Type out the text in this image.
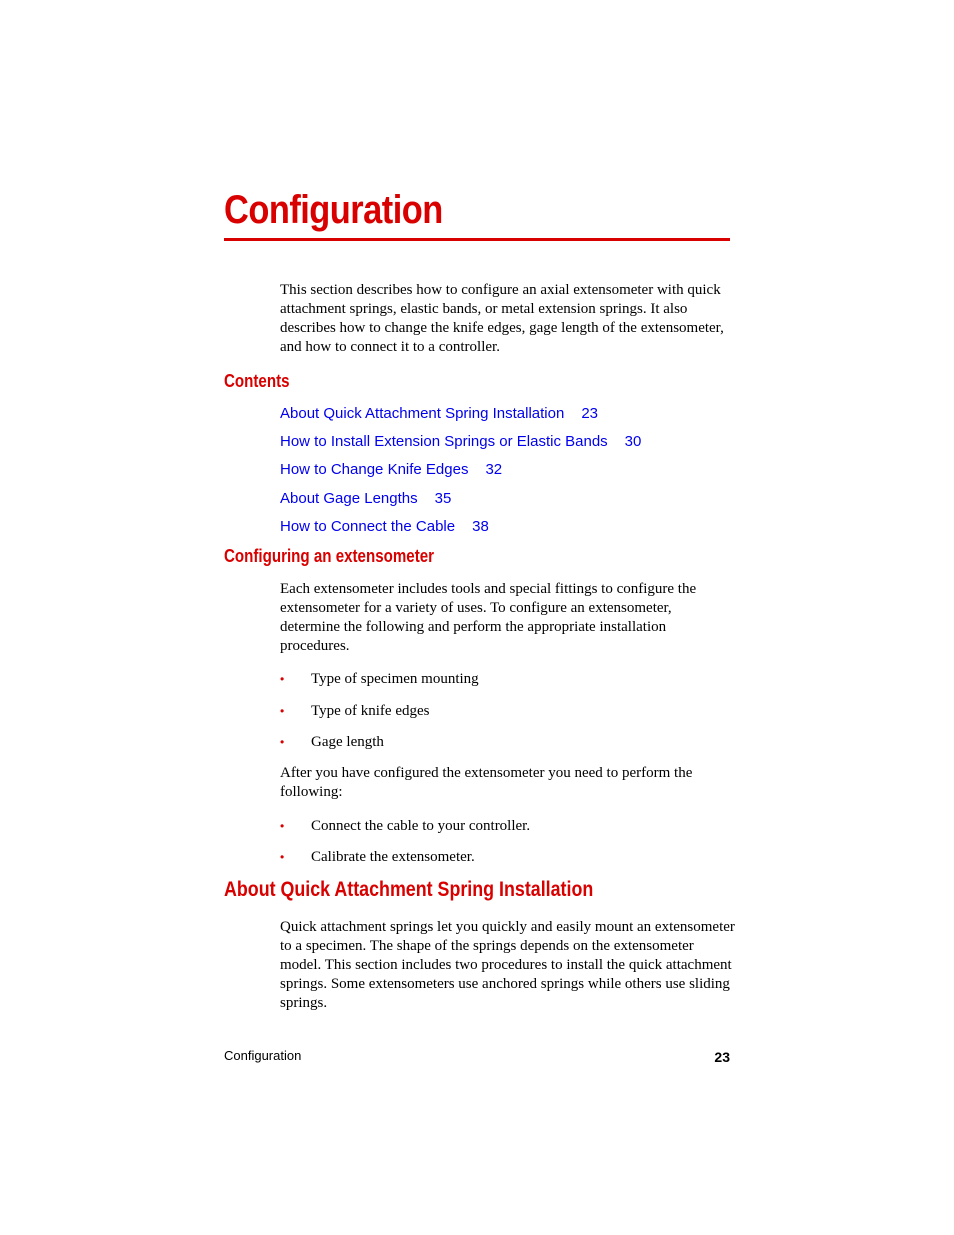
Configuration

This section describes how to configure an axial extensometer with quick attachment springs, elastic bands, or metal extension springs. It also describes how to change the knife edges, gage length of the extensometer, and how to connect it to a controller.

Contents
About Quick Attachment Spring Installation 23
How to Install Extension Springs or Elastic Bands 30
How to Change Knife Edges 32
About Gage Lengths 35
How to Connect the Cable 38
Configuring an extensometer

Each extensometer includes tools and special fittings to configure the extensometer for a variety of uses. To configure an extensometer, determine the following and perform the appropriate installation procedures.

• Type of specimen mounting
• Type of knife edges
• Gage length

After you have configured the extensometer you need to perform the following:

• Connect the cable to your controller.
• Calibrate the extensometer.
About Quick Attachment Spring Installation

Quick attachment springs let you quickly and easily mount an extensometer to a specimen. The shape of the springs depends on the extensometer model. This section includes two procedures to install the quick attachment springs. Some extensometers use anchored springs while others use sliding springs.

Configuration	23
